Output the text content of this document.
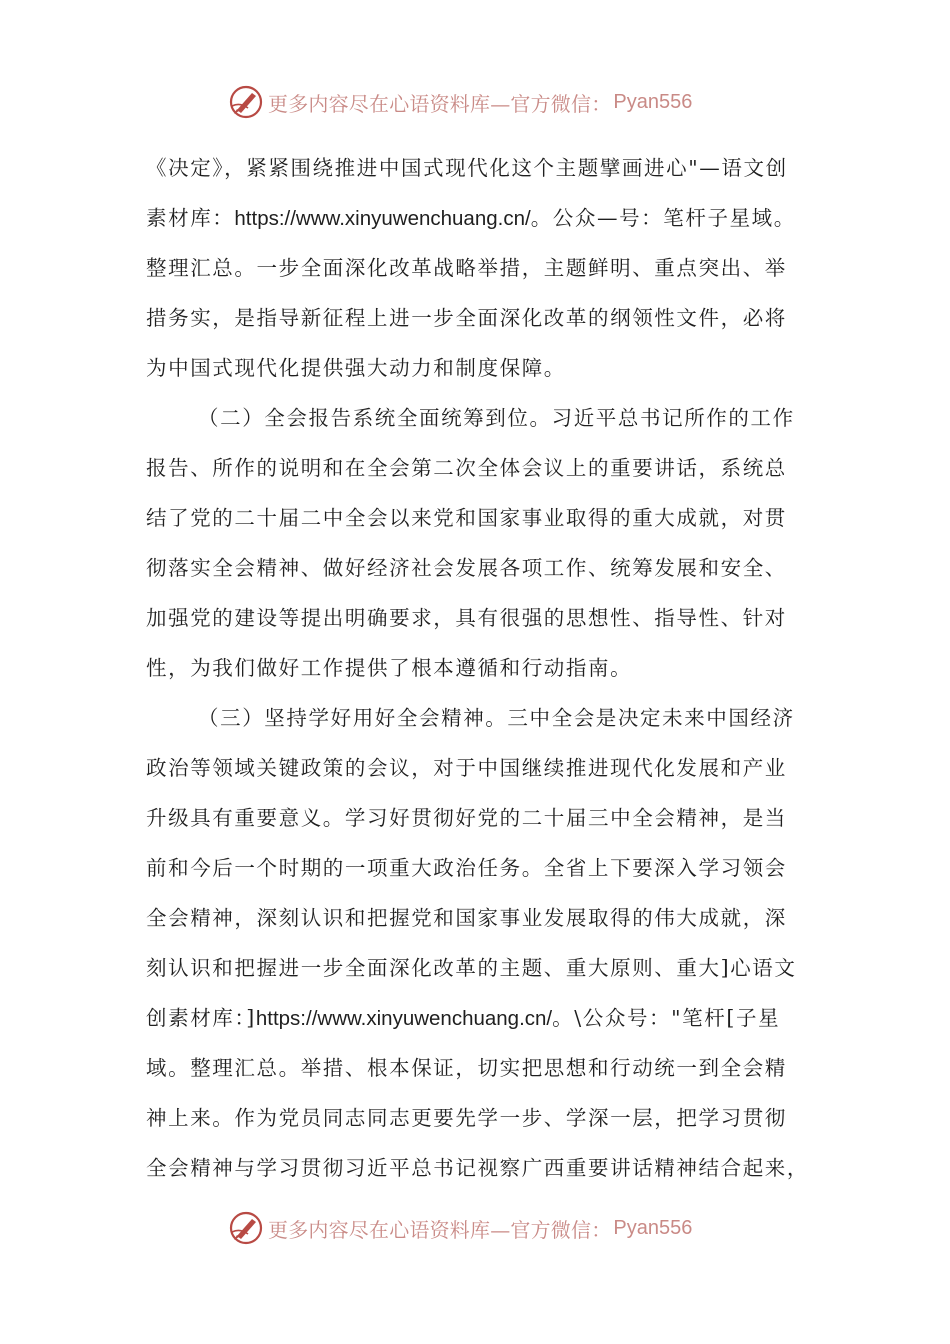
更多内容尽在心语资料库—官方微信： Pyan556
《决定》，紧紧围绕推进中国式现代化这个主题擘画进心"—语文创
素材库：https://www.xinyuwenchuang.cn/。公众—号：笔杆子星域。
整理汇总。一步全面深化改革战略举措，主题鲜明、重点突出、举
措务实，是指导新征程上进一步全面深化改革的纲领性文件，必将
为中国式现代化提供强大动力和制度保障。
（二）全会报告系统全面统筹到位。习近平总书记所作的工作
报告、所作的说明和在全会第二次全体会议上的重要讲话，系统总
结了党的二十届二中全会以来党和国家事业取得的重大成就，对贯
彻落实全会精神、做好经济社会发展各项工作、统筹发展和安全、
加强党的建设等提出明确要求，具有很强的思想性、指导性、针对
性，为我们做好工作提供了根本遵循和行动指南。
（三）坚持学好用好全会精神。三中全会是决定未来中国经济
政治等领域关键政策的会议，对于中国继续推进现代化发展和产业
升级具有重要意义。学习好贯彻好党的二十届三中全会精神，是当
前和今后一个时期的一项重大政治任务。全省上下要深入学习领会
全会精神，深刻认识和把握党和国家事业发展取得的伟大成就，深
刻认识和把握进一步全面深化改革的主题、重大原则、重大]心语文
创素材库：]https://www.xinyuwenchuang.cn/。\公众号："笔杆[子星
域。整理汇总。举措、根本保证，切实把思想和行动统一到全会精
神上来。作为党员同志同志更要先学一步、学深一层，把学习贯彻
全会精神与学习贯彻习近平总书记视察广西重要讲话精神结合起来，
更多内容尽在心语资料库—官方微信： Pyan556
